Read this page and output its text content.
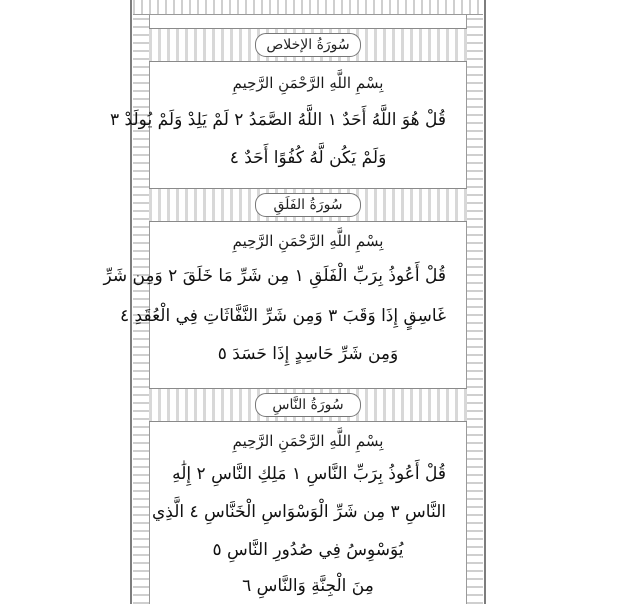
سُورَةُ الإخلاص
بِسْمِ اللَّهِ الرَّحْمَنِ الرَّحِيمِ
قُلْ هُوَ اللَّهُ أَحَدٌ ١ اللَّهُ الصَّمَدُ ٢ لَمْ يَلِدْ وَلَمْ يُولَدْ ٣
وَلَمْ يَكُن لَّهُ كُفُوًا أَحَدٌ ٤
سُورَةُ الفَلَقِ
بِسْمِ اللَّهِ الرَّحْمَنِ الرَّحِيمِ
قُلْ أَعُوذُ بِرَبِّ الْفَلَقِ ١ مِن شَرِّ مَا خَلَقَ ٢ وَمِن شَرِّ
غَاسِقٍ إِذَا وَقَبَ ٣ وَمِن شَرِّ النَّفَّاثَاتِ فِي الْعُقَدِ ٤
وَمِن شَرِّ حَاسِدٍ إِذَا حَسَدَ ٥
سُورَةُ النَّاسِ
بِسْمِ اللَّهِ الرَّحْمَنِ الرَّحِيمِ
قُلْ أَعُوذُ بِرَبِّ النَّاسِ ١ مَلِكِ النَّاسِ ٢ إِلَٰهِ
النَّاسِ ٣ مِن شَرِّ الْوَسْوَاسِ الْخَنَّاسِ ٤ الَّذِي
يُوَسْوِسُ فِي صُدُورِ النَّاسِ ٥
مِنَ الْجِنَّةِ وَالنَّاسِ ٦
